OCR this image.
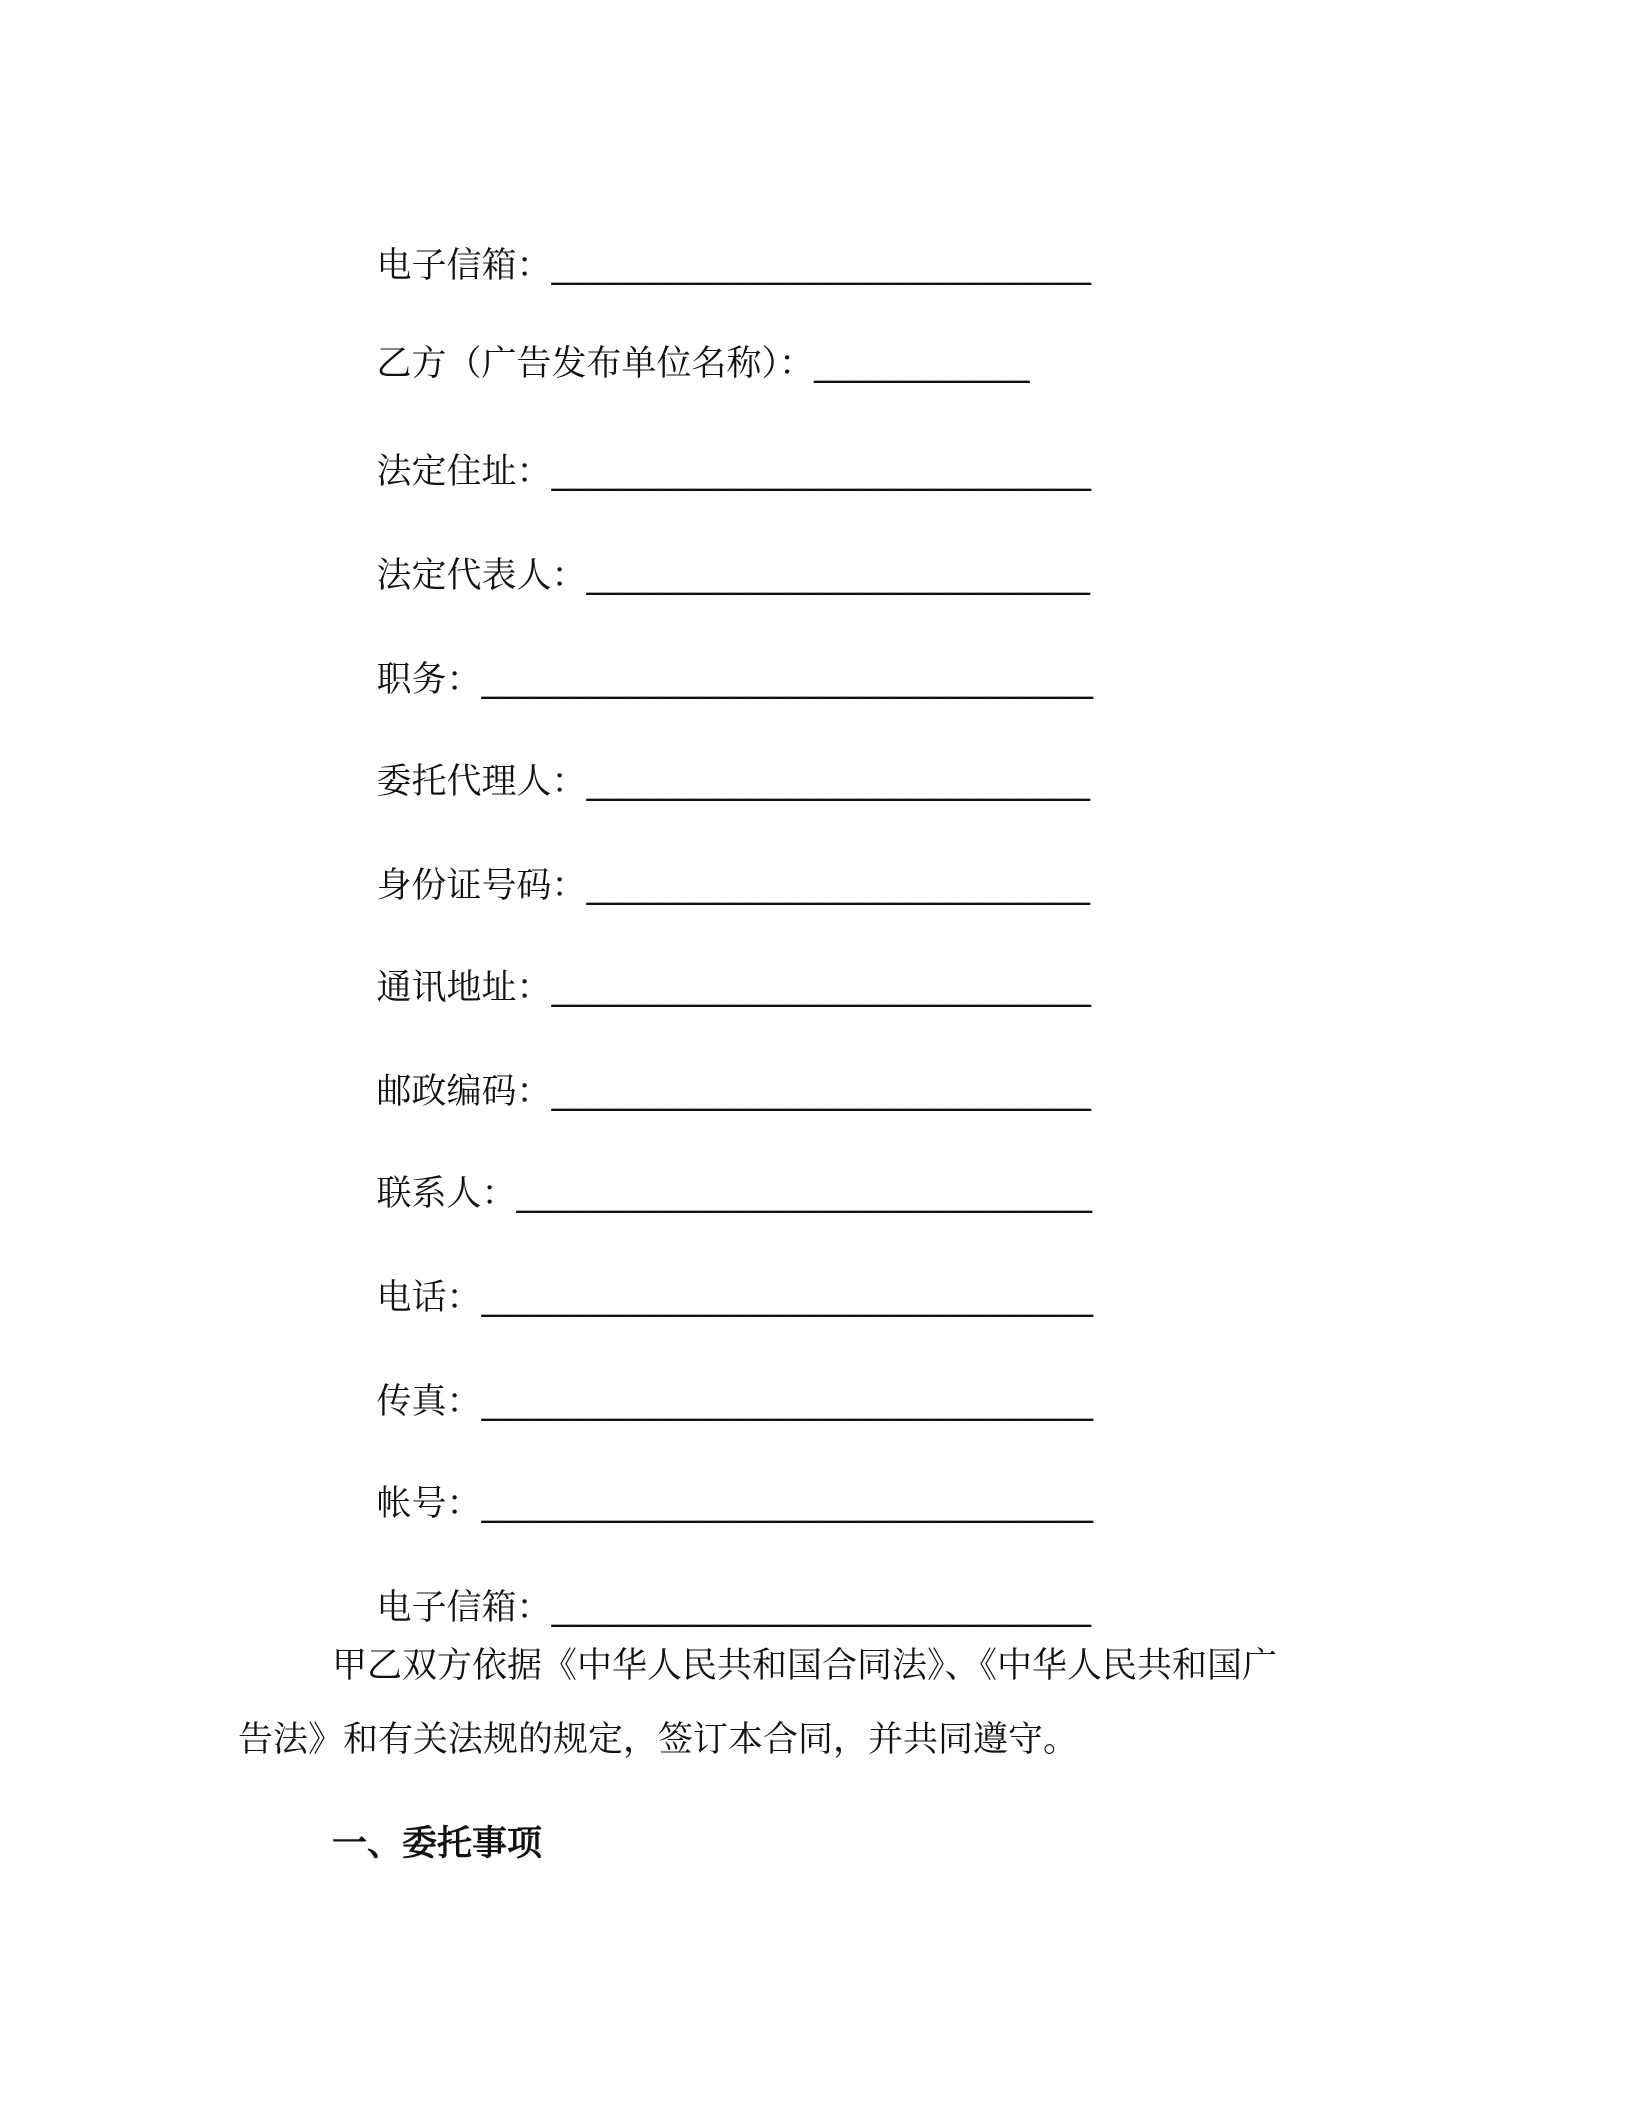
电子信箱：______________________________

乙方（广告发布单位名称）：____________

法定住址：______________________________

法定代表人：____________________________

职务：__________________________________

委托代理人：____________________________

身份证号码：____________________________

通讯地址：______________________________

邮政编码：______________________________

联系人：________________________________

电话：__________________________________

传真：__________________________________

帐号：__________________________________

电子信箱：______________________________

甲乙双方依据《中华人民共和国合同法》、《中华人民共和国广
告法》和有关法规的规定，签订本合同，并共同遵守。
一、委托事项
